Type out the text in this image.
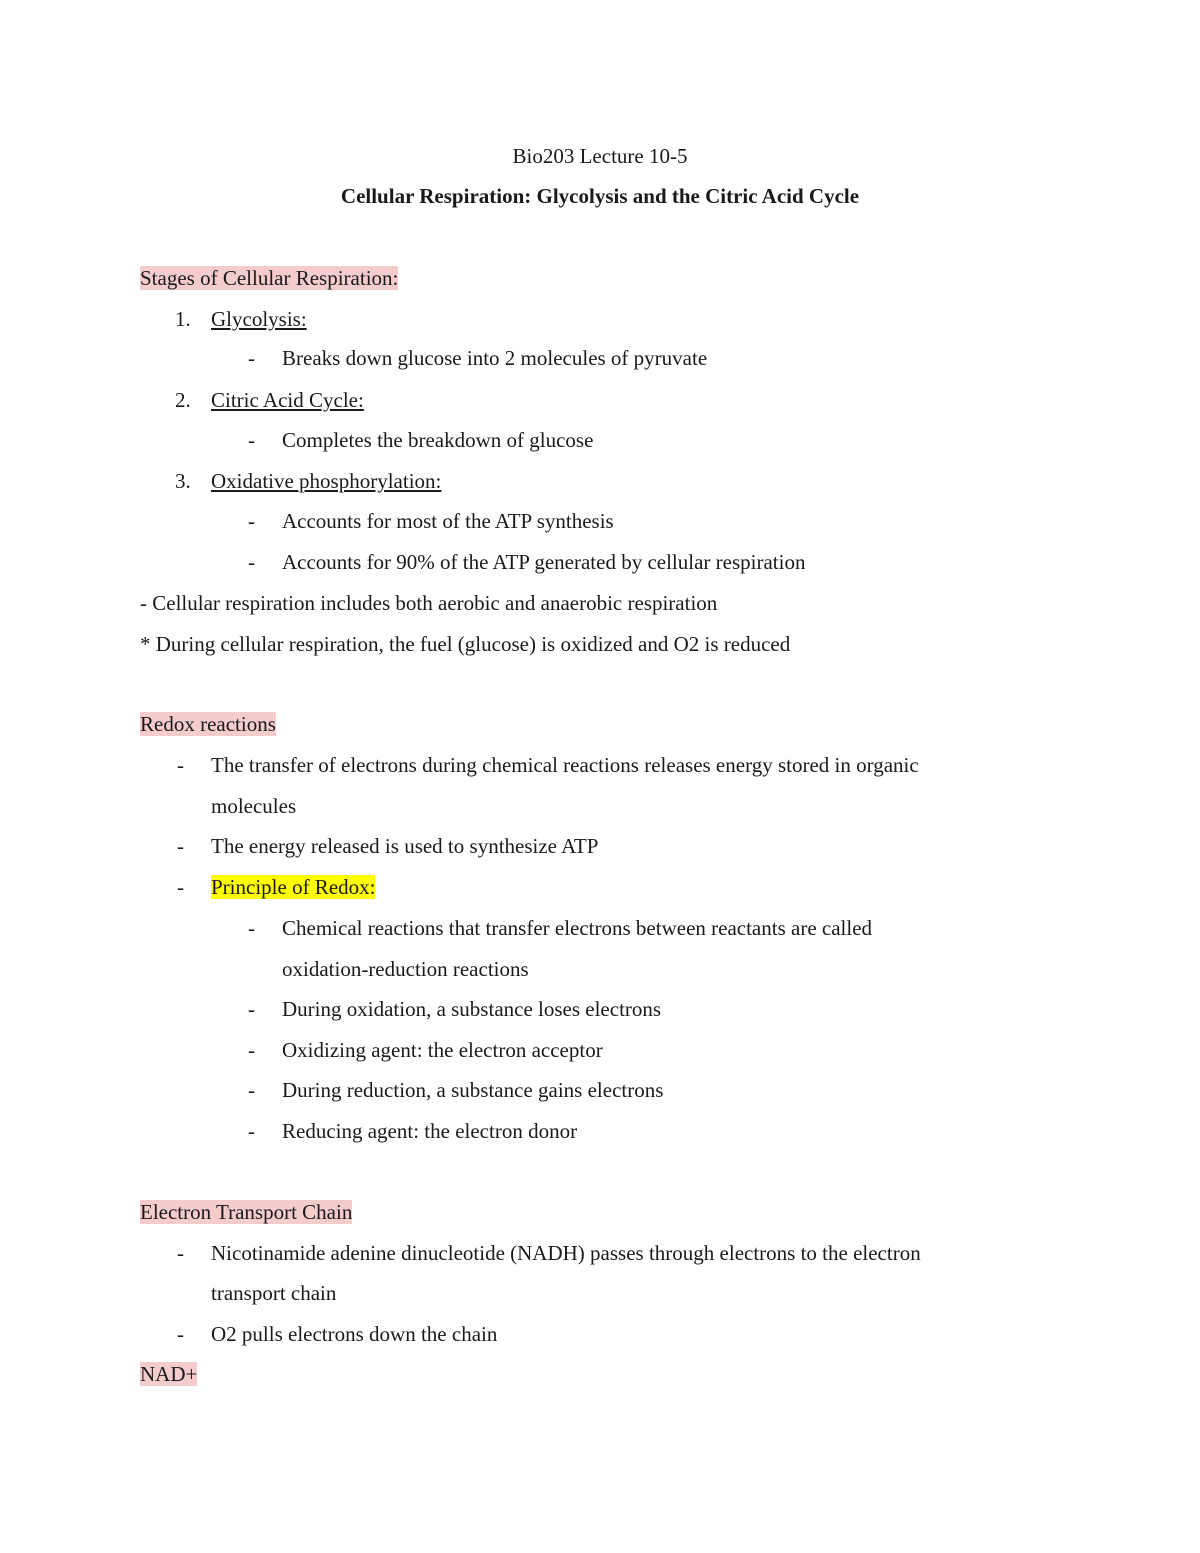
Bio203 Lecture 10-5
Cellular Respiration: Glycolysis and the Citric Acid Cycle
Stages of Cellular Respiration:
1. Glycolysis:
- Breaks down glucose into 2 molecules of pyruvate
2. Citric Acid Cycle:
- Completes the breakdown of glucose
3. Oxidative phosphorylation:
- Accounts for most of the ATP synthesis
- Accounts for 90% of the ATP generated by cellular respiration
- Cellular respiration includes both aerobic and anaerobic respiration
* During cellular respiration, the fuel (glucose) is oxidized and O2 is reduced
Redox reactions
- The transfer of electrons during chemical reactions releases energy stored in organic
molecules
- The energy released is used to synthesize ATP
- Principle of Redox:
- Chemical reactions that transfer electrons between reactants are called
oxidation-reduction reactions
- During oxidation, a substance loses electrons
- Oxidizing agent: the electron acceptor
- During reduction, a substance gains electrons
- Reducing agent: the electron donor
Electron Transport Chain
- Nicotinamide adenine dinucleotide (NADH) passes through electrons to the electron
transport chain
- O2 pulls electrons down the chain
NAD+
